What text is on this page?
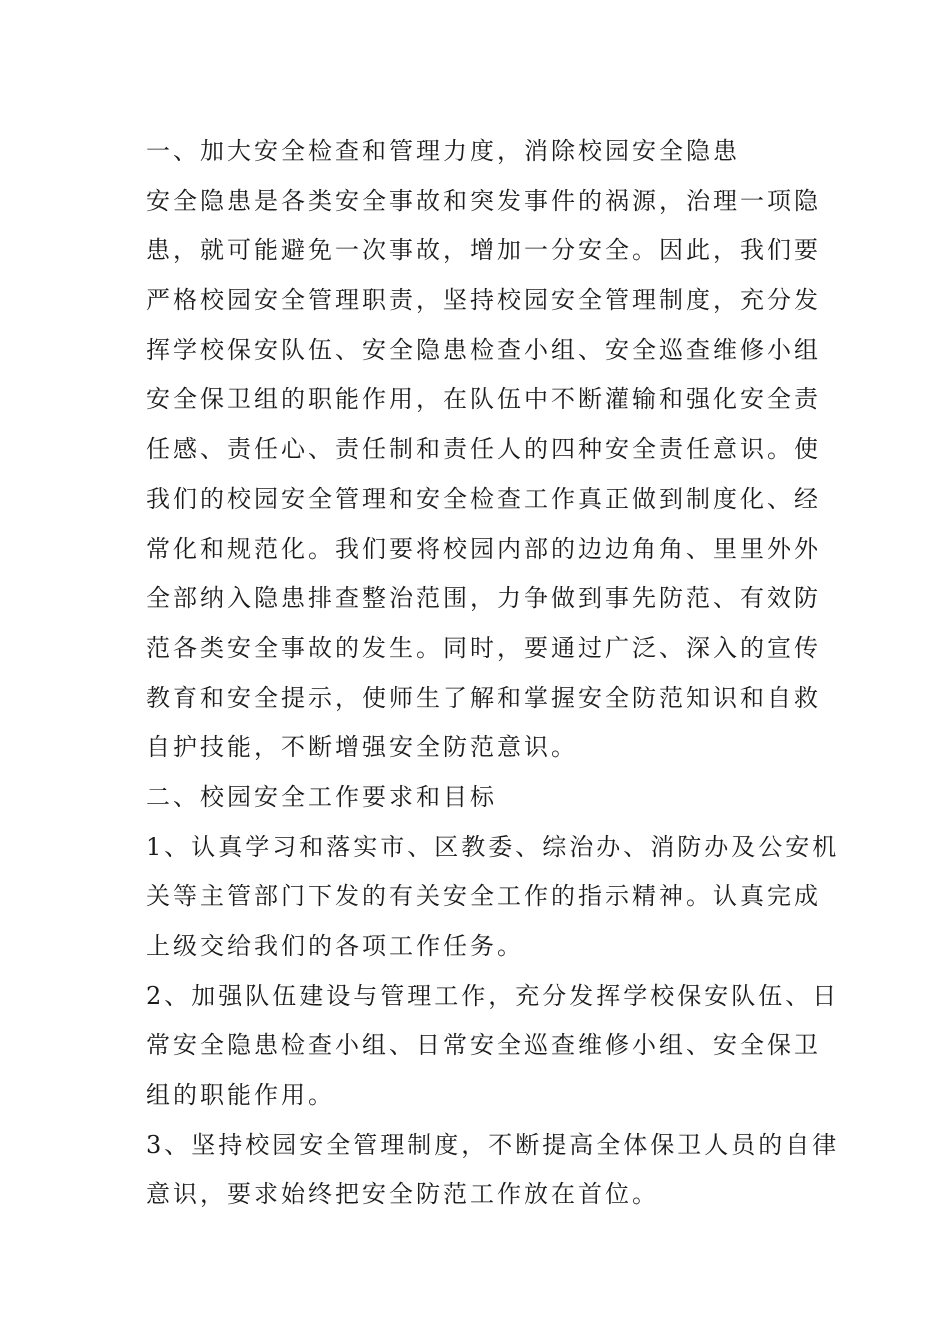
一、加大安全检查和管理力度，消除校园安全隐患
安全隐患是各类安全事故和突发事件的祸源，治理一项隐
患，就可能避免一次事故，增加一分安全。因此，我们要
严格校园安全管理职责，坚持校园安全管理制度，充分发
挥学校保安队伍、安全隐患检查小组、安全巡查维修小组
安全保卫组的职能作用，在队伍中不断灌输和强化安全责
任感、责任心、责任制和责任人的四种安全责任意识。使
我们的校园安全管理和安全检查工作真正做到制度化、经
常化和规范化。我们要将校园内部的边边角角、里里外外
全部纳入隐患排查整治范围，力争做到事先防范、有效防
范各类安全事故的发生。同时，要通过广泛、深入的宣传
教育和安全提示，使师生了解和掌握安全防范知识和自救
自护技能，不断增强安全防范意识。
二、校园安全工作要求和目标
1、认真学习和落实市、区教委、综治办、消防办及公安机
关等主管部门下发的有关安全工作的指示精神。认真完成
上级交给我们的各项工作任务。
2、加强队伍建设与管理工作，充分发挥学校保安队伍、日
常安全隐患检查小组、日常安全巡查维修小组、安全保卫
组的职能作用。
3、坚持校园安全管理制度，不断提高全体保卫人员的自律
意识，要求始终把安全防范工作放在首位。
